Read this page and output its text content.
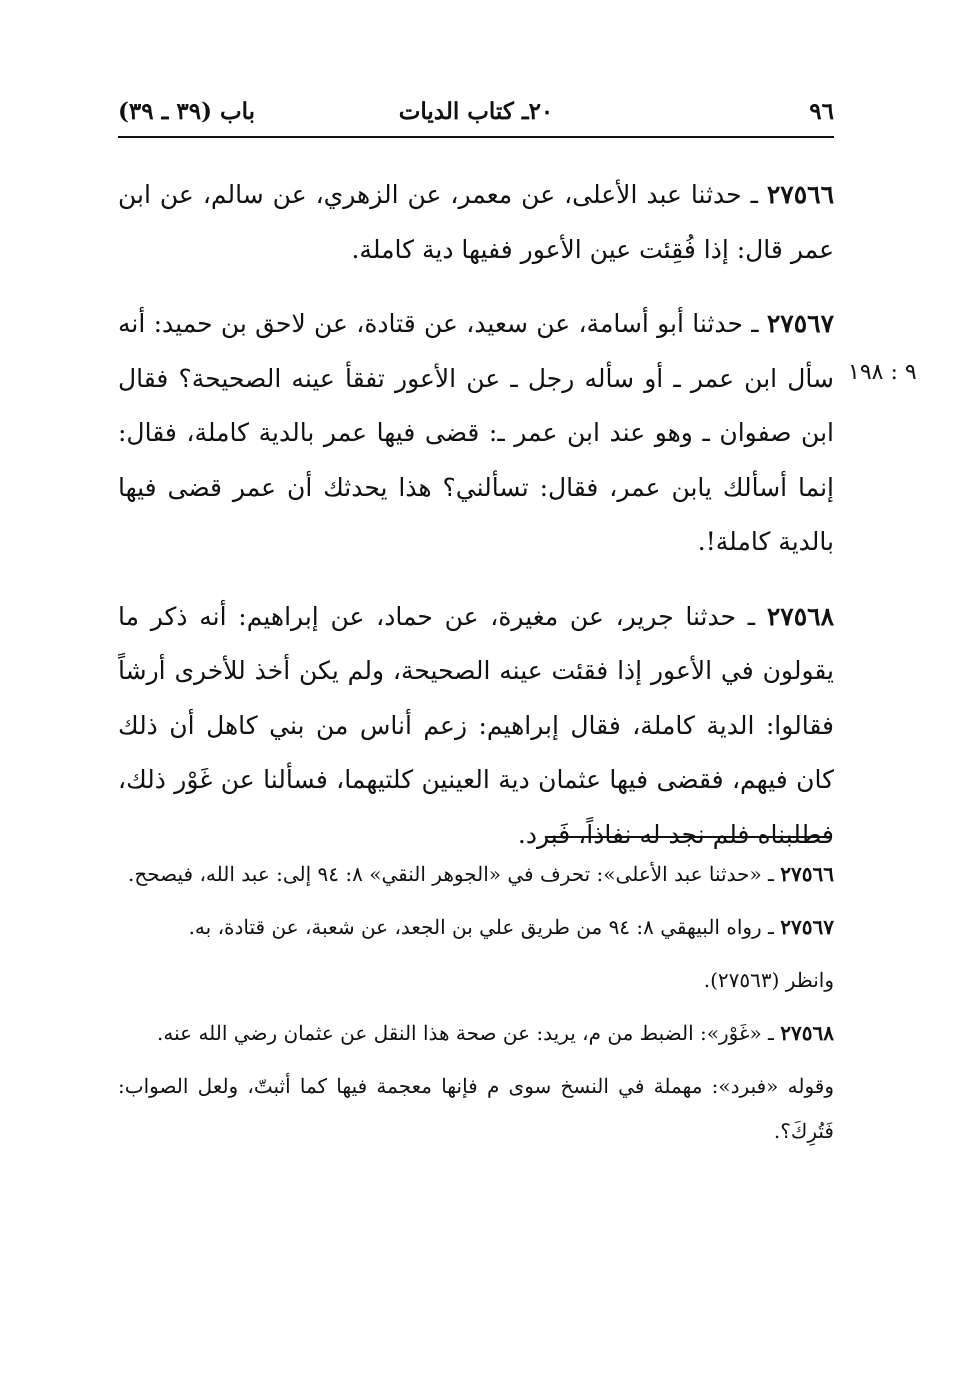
٩٦
٢٠ـ كتاب الديات
باب (٣٩ ـ ٣٩)
٩ : ١٩٨

٢٧٥٦٦ ـ حدثنا عبد الأعلى، عن معمر، عن الزهري، عن سالم، عن ابن عمر قال: إذا فُقِئت عين الأعور ففيها دية كاملة.

٢٧٥٦٧ ـ حدثنا أبو أسامة، عن سعيد، عن قتادة، عن لاحق بن حميد: أنه سأل ابن عمر ـ أو سأله رجل ـ عن الأعور تفقأ عينه الصحيحة؟ فقال ابن صفوان ـ وهو عند ابن عمر ـ: قضى فيها عمر بالدية كاملة، فقال: إنما أسألك يابن عمر، فقال: تسألني؟ هذا يحدثك أن عمر قضى فيها بالدية كاملة!.

٢٧٥٦٨ ـ حدثنا جرير، عن مغيرة، عن حماد، عن إبراهيم: أنه ذكر ما يقولون في الأعور إذا فقئت عينه الصحيحة، ولم يكن أخذ للأخرى أرشاً فقالوا: الدية كاملة، فقال إبراهيم: زعم أناس من بني كاهل أن ذلك كان فيهم، فقضى فيها عثمان دية العينين كلتيهما، فسألنا عن غَوْر ذلك، فطلبناه فلم نجد له نفاذاً، فَبرد.

٢٧٥٦٦ ـ «حدثنا عبد الأعلى»: تحرف في «الجوهر النقي» ٨: ٩٤ إلى: عبد الله، فيصحح.

٢٧٥٦٧ ـ رواه البيهقي ٨: ٩٤ من طريق علي بن الجعد، عن شعبة، عن قتادة، به.

وانظر (٢٧٥٦٣).

٢٧٥٦٨ ـ «غَوْر»: الضبط من م، يريد: عن صحة هذا النقل عن عثمان رضي الله عنه.

وقوله «فبرد»: مهملة في النسخ سوى م فإنها معجمة فيها كما أثبتّ، ولعل الصواب: فَتُرِكَ؟.
